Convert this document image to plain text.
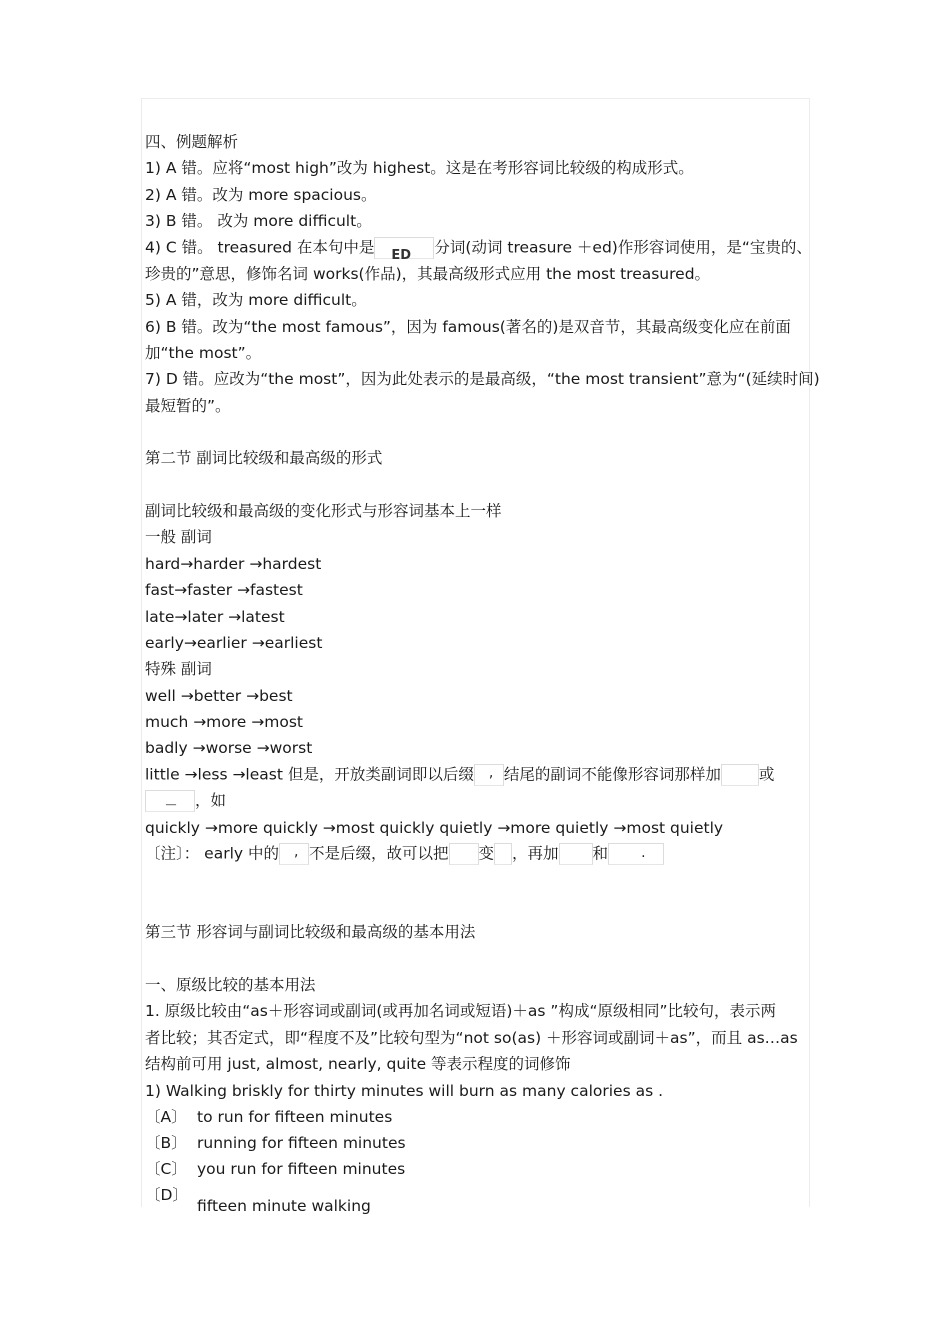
四、例题解析
1) A 错。应将“most high”改为 highest。这是在考形容词比较级的构成形式。
2) A 错。改为 more spacious。
3) B 错。 改为 more difficult。
4) C 错。 treasured 在本句中是 ED 分词(动词 treasure ＋ed)作形容词使用，是“宝贵的、
珍贵的”意思，修饰名词 works(作品)，其最高级形式应用 the most treasured。
5) A 错，改为 more difficult。
6) B 错。改为“the most famous”，因为 famous(著名的)是双音节，其最高级变化应在前面
加“the most”。
7) D 错。应改为“the most”，因为此处表示的是最高级，“the most transient”意为“(延续时间)
最短暂的”。
第二节 副词比较级和最高级的形式
副词比较级和最高级的变化形式与形容词基本上一样
一般 副词
hard→harder →hardest
fast→faster →fastest
late→later →latest
early→earlier →earliest
特殊 副词
well →better →best
much →more →most
badly →worse →worst
little →less →least 但是，开放类副词即以后缀 , 结尾的副词不能像形容词那样加 或
__ ，如
quickly →more quickly →most quickly quietly →more quietly →most quietly
〔注〕： early 中的 , 不是后缀，故可以把 变 ，再加 和 .
第三节 形容词与副词比较级和最高级的基本用法
一、原级比较的基本用法
1. 原级比较由“as＋形容词或副词(或再加名词或短语)＋as ”构成“原级相同”比较句，表示两
者比较；其否定式，即“程度不及”比较句型为“not so(as) ＋形容词或副词＋as”，而且 as…as
结构前可用 just, almost, nearly, quite 等表示程度的词修饰
1) Walking briskly for thirty minutes will burn as many calories as .
〔A〕 to run for fifteen minutes
〔B〕 running for fifteen minutes
〔C〕 you run for fifteen minutes
〔D〕
fifteen minute walking
